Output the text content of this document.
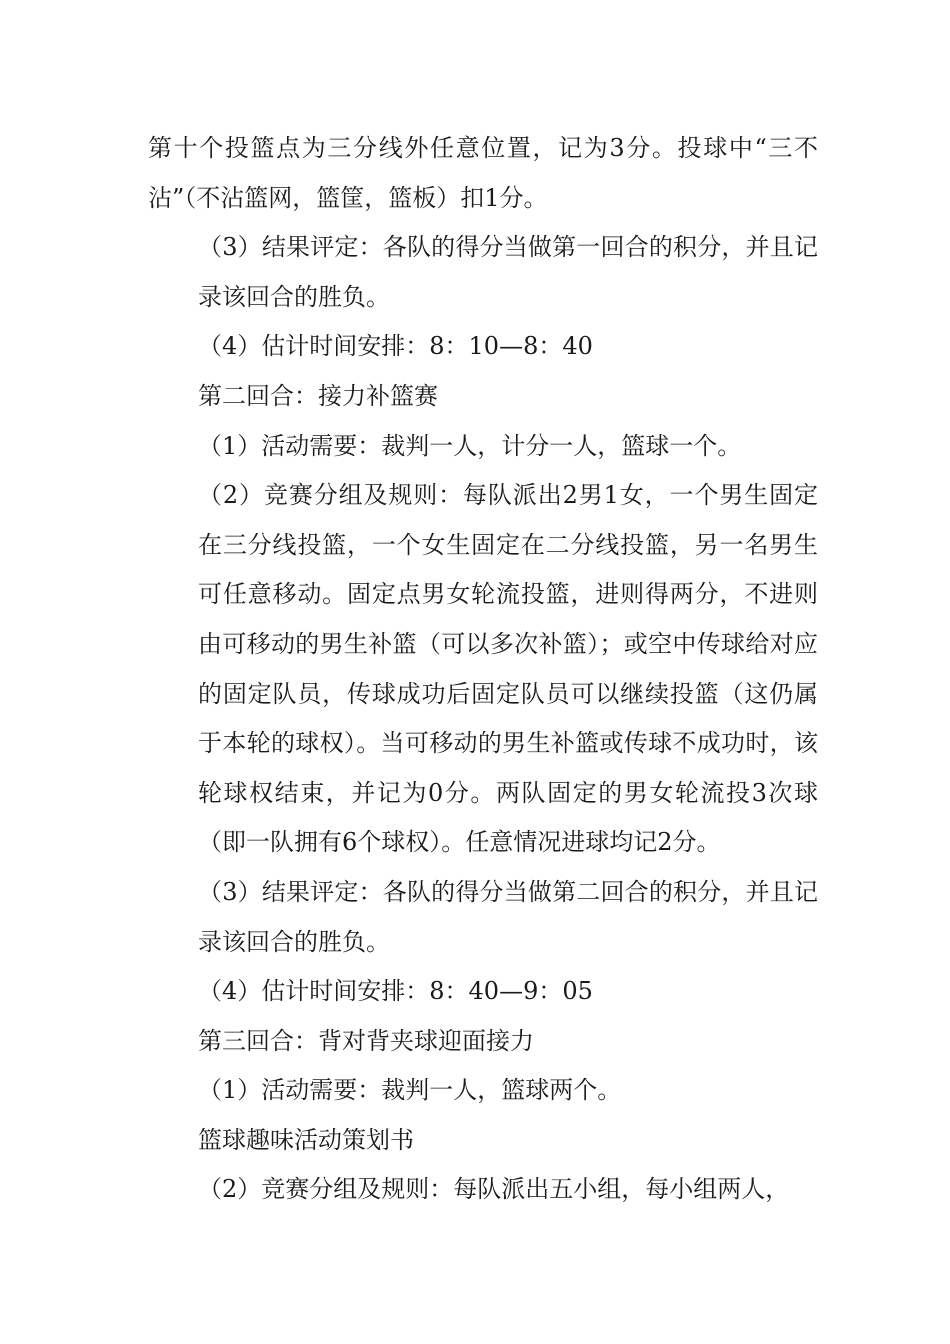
第十个投篮点为三分线外任意位置，记为3分。投球中“三不沾”（不沾篮网，篮筐，篮板）扣1分。

（3）结果评定：各队的得分当做第一回合的积分，并且记录该回合的胜负。

（4）估计时间安排：8：10—8：40

第二回合：接力补篮赛

（1）活动需要：裁判一人，计分一人，篮球一个。

（2）竞赛分组及规则：每队派出2男1女，一个男生固定在三分线投篮，一个女生固定在二分线投篮，另一名男生可任意移动。固定点男女轮流投篮，进则得两分，不进则由可移动的男生补篮（可以多次补篮）；或空中传球给对应的固定队员，传球成功后固定队员可以继续投篮（这仍属于本轮的球权）。当可移动的男生补篮或传球不成功时，该轮球权结束，并记为0分。两队固定的男女轮流投3次球（即一队拥有6个球权）。任意情况进球均记2分。

（3）结果评定：各队的得分当做第二回合的积分，并且记录该回合的胜负。

（4）估计时间安排：8：40—9：05

第三回合：背对背夹球迎面接力

（1）活动需要：裁判一人，篮球两个。

篮球趣味活动策划书

（2）竞赛分组及规则：每队派出五小组，每小组两人，
